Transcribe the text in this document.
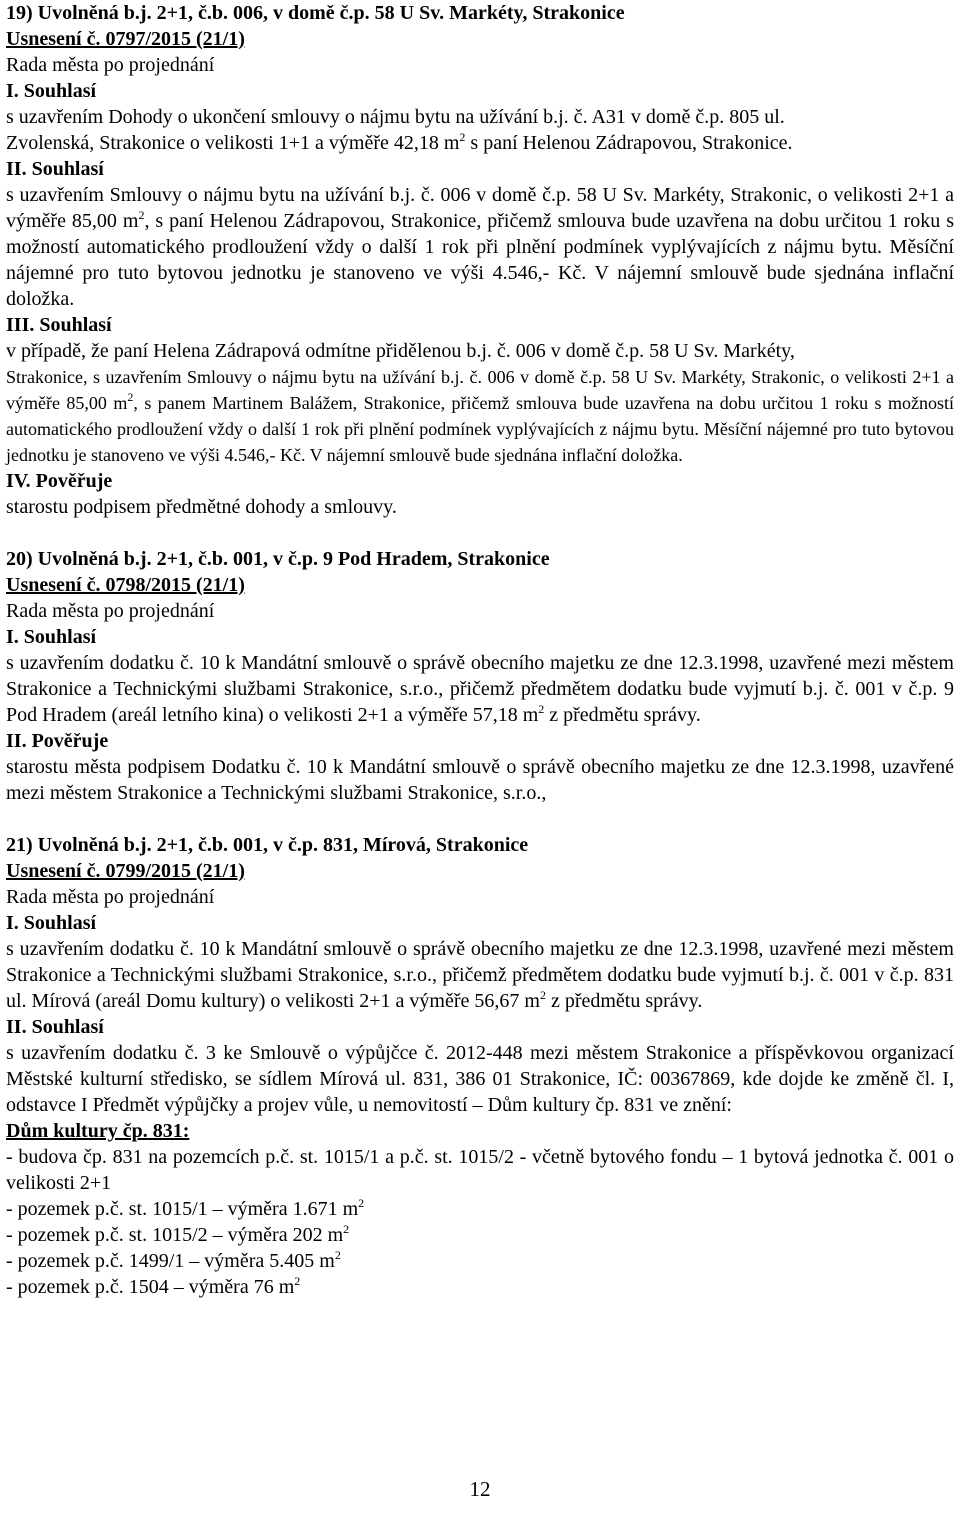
19) Uvolněná b.j. 2+1, č.b. 006, v domě č.p. 58 U Sv. Markéty, Strakonice

Usnesení č. 0797/2015 (21/1)

Rada města po projednání

I. Souhlasí

s uzavřením Dohody o ukončení smlouvy o nájmu bytu na užívání b.j. č. A31 v domě č.p. 805 ul.

Zvolenská, Strakonice o velikosti 1+1 a výměře 42,18 $m^2$ s paní Helenou Zádrapovou, Strakonice.

II. Souhlasí

s uzavřením Smlouvy o nájmu bytu na užívání b.j. č. 006 v domě č.p. 58 U Sv. Markéty, Strakonic, o velikosti 2+1 a výměře 85,00 $m^2$, s paní Helenou Zádrapovou, Strakonice, přičemž smlouva bude uzavřena na dobu určitou 1 roku s možností automatického prodloužení vždy o další 1 rok při plnění podmínek vyplývajících z nájmu bytu. Měsíční nájemné pro tuto bytovou jednotku je stanoveno ve výši 4.546,- Kč. V nájemní smlouvě bude sjednána inflační doložka.

III. Souhlasí

v případě, že paní Helena Zádrapová odmítne přidělenou b.j. č. 006 v domě č.p. 58 U Sv. Markéty,

Strakonice, s uzavřením Smlouvy o nájmu bytu na užívání b.j. č. 006 v domě č.p. 58 U Sv. Markéty, Strakonic, o velikosti 2+1 a výměře 85,00 $m^2$, s panem Martinem Balážem, Strakonice, přičemž smlouva bude uzavřena na dobu určitou 1 roku s možností automatického prodloužení vždy o další 1 rok při plnění podmínek vyplývajících z nájmu bytu. Měsíční nájemné pro tuto bytovou jednotku je stanoveno ve výši 4.546,- Kč. V nájemní smlouvě bude sjednána inflační doložka.

IV. Pověřuje

starostu podpisem předmětné dohody a smlouvy.

20) Uvolněná b.j. 2+1, č.b. 001, v č.p. 9 Pod Hradem, Strakonice

Usnesení č. 0798/2015 (21/1)

Rada města po projednání

I. Souhlasí

s uzavřením dodatku č. 10 k Mandátní smlouvě o správě obecního majetku ze dne 12.3.1998, uzavřené mezi městem Strakonice a Technickými službami Strakonice, s.r.o., přičemž předmětem dodatku bude vyjmutí b.j. č. 001 v č.p. 9 Pod Hradem (areál letního kina) o velikosti 2+1 a výměře 57,18 $m^2$ z předmětu správy.

II. Pověřuje

starostu města podpisem Dodatku č. 10 k Mandátní smlouvě o správě obecního majetku ze dne 12.3.1998, uzavřené mezi městem Strakonice a Technickými službami Strakonice, s.r.o.,

21) Uvolněná b.j. 2+1, č.b. 001, v č.p. 831, Mírová, Strakonice

Usnesení č. 0799/2015 (21/1)

Rada města po projednání

I. Souhlasí

s uzavřením dodatku č. 10 k Mandátní smlouvě o správě obecního majetku ze dne 12.3.1998, uzavřené mezi městem Strakonice a Technickými službami Strakonice, s.r.o., přičemž předmětem dodatku bude vyjmutí b.j. č. 001 v č.p. 831 ul. Mírová (areál Domu kultury) o velikosti 2+1 a výměře 56,67 $m^2$ z předmětu správy.

II. Souhlasí

s uzavřením dodatku č. 3 ke Smlouvě o výpůjčce č. 2012-448 mezi městem Strakonice a příspěvkovou organizací Městské kulturní středisko, se sídlem Mírová ul. 831, 386 01 Strakonice, IČ: 00367869, kde dojde ke změně čl. I, odstavce I Předmět výpůjčky a projev vůle, u nemovitostí – Dům kultury čp. 831 ve znění:

Dům kultury čp. 831:

- budova čp. 831 na pozemcích p.č. st. 1015/1 a p.č. st. 1015/2 - včetně bytového fondu – 1 bytová jednotka č. 001 o velikosti 2+1

- pozemek p.č. st. 1015/1 – výměra 1.671 $m^2$

- pozemek p.č. st. 1015/2 – výměra 202 $m^2$

- pozemek p.č. 1499/1 – výměra 5.405 $m^2$

- pozemek p.č. 1504 – výměra 76 $m^2$

12
